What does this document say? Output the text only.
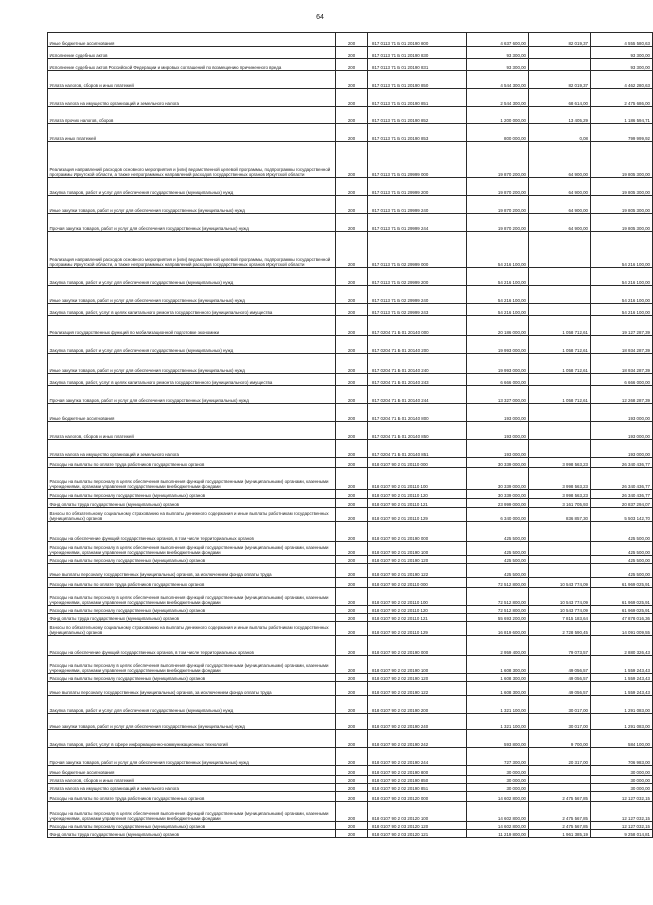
64
Иные бюджетные ассигнования	200	817 0113 71 Б 01 20190 800	4 637 600,00	82 019,37	4 555 580,63
Исполнение судебных актов	200	817 0113 71 Б 01 20190 830	93 300,00		93 300,00
Исполнение судебных актов Российской Федерации и мировых соглашений по возмещению причиненного вреда	200	817 0113 71 Б 01 20190 831	93 300,00		93 300,00
Уплата налогов, сборов и иных платежей	200	817 0113 71 Б 01 20190 850	4 544 300,00	82 019,37	4 462 280,63
Уплата налога на имущество организаций и земельного налога	200	817 0113 71 Б 01 20190 851	2 544 300,00	68 614,00	2 475 686,00
Уплата прочих налогов, сборов	200	817 0113 71 Б 01 20190 852	1 200 000,00	13 405,29	1 186 594,71
Уплата иных платежей	200	817 0113 71 Б 01 20190 853	800 000,00	0,08	799 999,92
Реализация направлений расходов основного мероприятия и (или) ведомственной целевой программы, подпрограммы государственной программы Иркутской области, а также непрограммных направлений расходов государственных органов Иркутской области	200	817 0113 71 Б 01 29999 000	19 870 200,00	64 900,00	19 805 300,00
Закупка товаров, работ и услуг для обеспечения государственных (муниципальных) нужд	200	817 0113 71 Б 01 29999 200	19 870 200,00	64 900,00	19 805 300,00
Иные закупки товаров, работ и услуг для обеспечения государственных (муниципальных) нужд	200	817 0113 71 Б 01 29999 240	19 870 200,00	64 900,00	19 805 300,00
Прочая закупка товаров, работ и услуг для обеспечения государственных (муниципальных) нужд	200	817 0113 71 Б 01 29999 244	19 870 200,00	64 900,00	19 805 300,00
Реализация направлений расходов основного мероприятия и (или) ведомственной целевой программы, подпрограммы государственной программы Иркутской области, а также непрограммных направлений расходов государственных органов Иркутской области	200	817 0113 71 Б 02 29999 000	54 216 100,00		54 216 100,00
Закупка товаров, работ и услуг для обеспечения государственных (муниципальных) нужд	200	817 0113 71 Б 02 29999 200	54 216 100,00		54 216 100,00
Иные закупки товаров, работ и услуг для обеспечения государственных (муниципальных) нужд	200	817 0113 71 Б 02 29999 240	54 216 100,00		54 216 100,00
Закупка товаров, работ, услуг в целях капитального ремонта государственного (муниципального) имущества	200	817 0113 71 Б 02 29999 243	54 216 100,00		54 216 100,00
Реализация государственных функций по мобилизационной подготовке экономики	200	817 0204 71 Б 01 20140 000	20 186 000,00	1 058 712,61	19 127 287,39
Закупка товаров, работ и услуг для обеспечения государственных (муниципальных) нужд	200	817 0204 71 Б 01 20140 200	19 993 000,00	1 058 712,61	18 934 287,39
Иные закупки товаров, работ и услуг для обеспечения государственных (муниципальных) нужд	200	817 0204 71 Б 01 20140 240	19 993 000,00	1 058 712,61	18 934 287,39
Закупка товаров, работ, услуг в целях капитального ремонта государственного (муниципального) имущества	200	817 0204 71 Б 01 20140 243	6 666 000,00		6 666 000,00
Прочая закупка товаров, работ и услуг для обеспечения государственных (муниципальных) нужд	200	817 0204 71 Б 01 20140 244	13 327 000,00	1 058 712,61	12 268 287,39
Иные бюджетные ассигнования	200	817 0204 71 Б 01 20140 800	193 000,00		193 000,00
Уплата налогов, сборов и иных платежей	200	817 0204 71 Б 01 20140 850	193 000,00		193 000,00
Уплата налога на имущество организаций и земельного налога	200	817 0204 71 Б 01 20140 851	193 000,00		193 000,00
Расходы на выплаты по оплате труда работников государственных органов	200	818 0107 90 2 01 20110 000	30 339 000,00	3 998 563,23	26 340 436,77
Расходы на выплаты персоналу в целях обеспечения выполнения функций государственными (муниципальными) органами, казенными учреждениями, органами управления государственными внебюджетными фондами	200	818 0107 90 2 01 20110 100	30 339 000,00	3 998 563,23	26 340 436,77
Расходы на выплаты персоналу государственных (муниципальных) органов	200	818 0107 90 2 01 20110 120	30 339 000,00	3 998 563,23	26 340 436,77
Фонд оплаты труда государственных (муниципальных) органов	200	818 0107 90 2 01 20110 121	23 999 000,00	3 161 705,93	20 837 294,07
Взносы по обязательному социальному страхованию на выплаты денежного содержания и иные выплаты работникам государственных (муниципальных) органов	200	818 0107 90 2 01 20110 129	6 340 000,00	836 857,30	5 503 142,70
Расходы на обеспечение функций государственных органов, в том числе территориальных органов	200	818 0107 90 2 01 20190 000	425 500,00		425 500,00
Расходы на выплаты персоналу в целях обеспечения выполнения функций государственными (муниципальными) органами, казенными учреждениями, органами управления государственными внебюджетными фондами	200	818 0107 90 2 01 20190 100	425 500,00		425 500,00
Расходы на выплаты персоналу государственных (муниципальных) органов	200	818 0107 90 2 01 20190 120	425 500,00		425 500,00
Иные выплаты персоналу государственных (муниципальных) органов, за исключением фонда оплаты труда	200	818 0107 90 2 01 20190 122	425 500,00		425 500,00
Расходы на выплаты по оплате труда работников государственных органов	200	818 0107 90 2 02 20110 000	72 512 800,00	10 543 774,09	61 969 025,91
Расходы на выплаты персоналу в целях обеспечения выполнения функций государственными (муниципальными) органами, казенными учреждениями, органами управления государственными внебюджетными фондами	200	818 0107 90 2 02 20110 100	72 512 800,00	10 543 774,09	61 969 025,91
Расходы на выплаты персоналу государственных (муниципальных) органов	200	818 0107 90 2 02 20110 120	72 512 800,00	10 543 774,09	61 969 025,91
Фонд оплаты труда государственных (муниципальных) органов	200	818 0107 90 2 02 20110 121	55 693 200,00	7 815 183,64	47 878 016,36
Взносы по обязательному социальному страхованию на выплаты денежного содержания и иные выплаты работникам государственных (муниципальных) органов	200	818 0107 90 2 02 20110 129	16 819 600,00	2 728 590,45	14 091 009,55
Расходы на обеспечение функций государственных органов, в том числе территориальных органов	200	818 0107 90 2 02 20190 000	2 959 400,00	79 073,57	2 880 326,43
Расходы на выплаты персоналу в целях обеспечения выполнения функций государственными (муниципальными) органами, казенными учреждениями, органами управления государственными внебюджетными фондами	200	818 0107 90 2 02 20190 100	1 608 300,00	49 056,57	1 559 243,43
Расходы на выплаты персоналу государственных (муниципальных) органов	200	818 0107 90 2 02 20190 120	1 608 300,00	49 056,57	1 559 243,43
Иные выплаты персоналу государственных (муниципальных) органов, за исключением фонда оплаты труда	200	818 0107 90 2 02 20190 122	1 608 300,00	49 056,57	1 559 243,43
Закупка товаров, работ и услуг для обеспечения государственных (муниципальных) нужд	200	818 0107 90 2 02 20190 200	1 321 100,00	30 017,00	1 291 083,00
Иные закупки товаров, работ и услуг для обеспечения государственных (муниципальных) нужд	200	818 0107 90 2 02 20190 240	1 321 100,00	30 017,00	1 291 083,00
Закупка товаров, работ, услуг в сфере информационно-коммуникационных технологий	200	818 0107 90 2 02 20190 242	593 800,00	9 700,00	584 100,00
Прочая закупка товаров, работ и услуг для обеспечения государственных (муниципальных) нужд	200	818 0107 90 2 02 20190 244	727 300,00	20 317,00	706 983,00
Иные бюджетные ассигнования	200	818 0107 90 2 02 20190 800	30 000,00		30 000,00
Уплата налогов, сборов и иных платежей	200	818 0107 90 2 02 20190 850	30 000,00		30 000,00
Уплата налога на имущество организаций и земельного налога	200	818 0107 90 2 02 20190 851	30 000,00		30 000,00
Расходы на выплаты по оплате труда работников государственных органов	200	818 0107 90 2 03 20120 000	14 602 800,00	2 475 567,85	12 127 032,15
Расходы на выплаты персоналу в целях обеспечения выполнения функций государственными (муниципальными) органами, казенными учреждениями, органами управления государственными внебюджетными фондами	200	818 0107 90 2 03 20120 100	14 602 800,00	2 475 567,85	12 127 032,15
Расходы на выплаты персоналу государственных (муниципальных) органов	200	818 0107 90 2 03 20120 120	14 602 800,00	2 475 567,85	12 127 032,15
Фонд оплаты труда государственных (муниципальных) органов	200	818 0107 90 2 03 20120 121	11 219 800,00	1 961 385,19	9 258 014,81
